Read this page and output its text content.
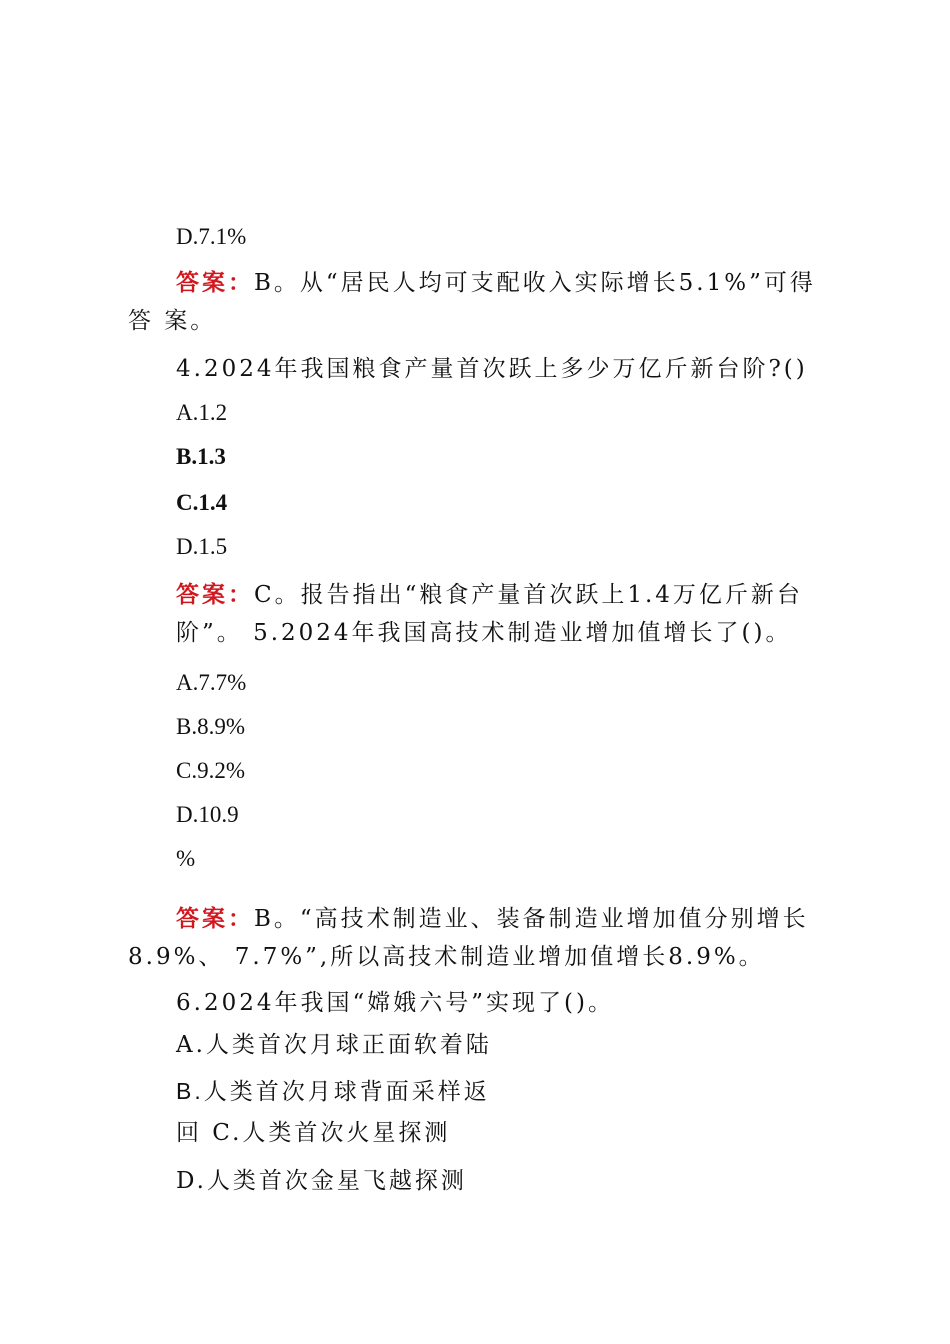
D.7.1%
答案：B。从“居民人均可支配收入实际增长5.1%”可得
答 案。
4.2024年我国粮食产量首次跃上多少万亿斤新台阶?()
A.1.2
B.1.3
C.1.4
D.1.5
答案：C。报告指出“粮食产量首次跃上1.4万亿斤新台
阶”。 5.2024年我国高技术制造业增加值增长了()。
A.7.7%
B.8.9%
C.9.2%
D.10.9
%
答案：B。“高技术制造业、装备制造业增加值分别增长
8.9%、 7.7%”,所以高技术制造业增加值增长8.9%。
6.2024年我国“嫦娥六号”实现了()。
A.人类首次月球正面软着陆
B.人类首次月球背面采样返
回 C.人类首次火星探测
D.人类首次金星飞越探测
